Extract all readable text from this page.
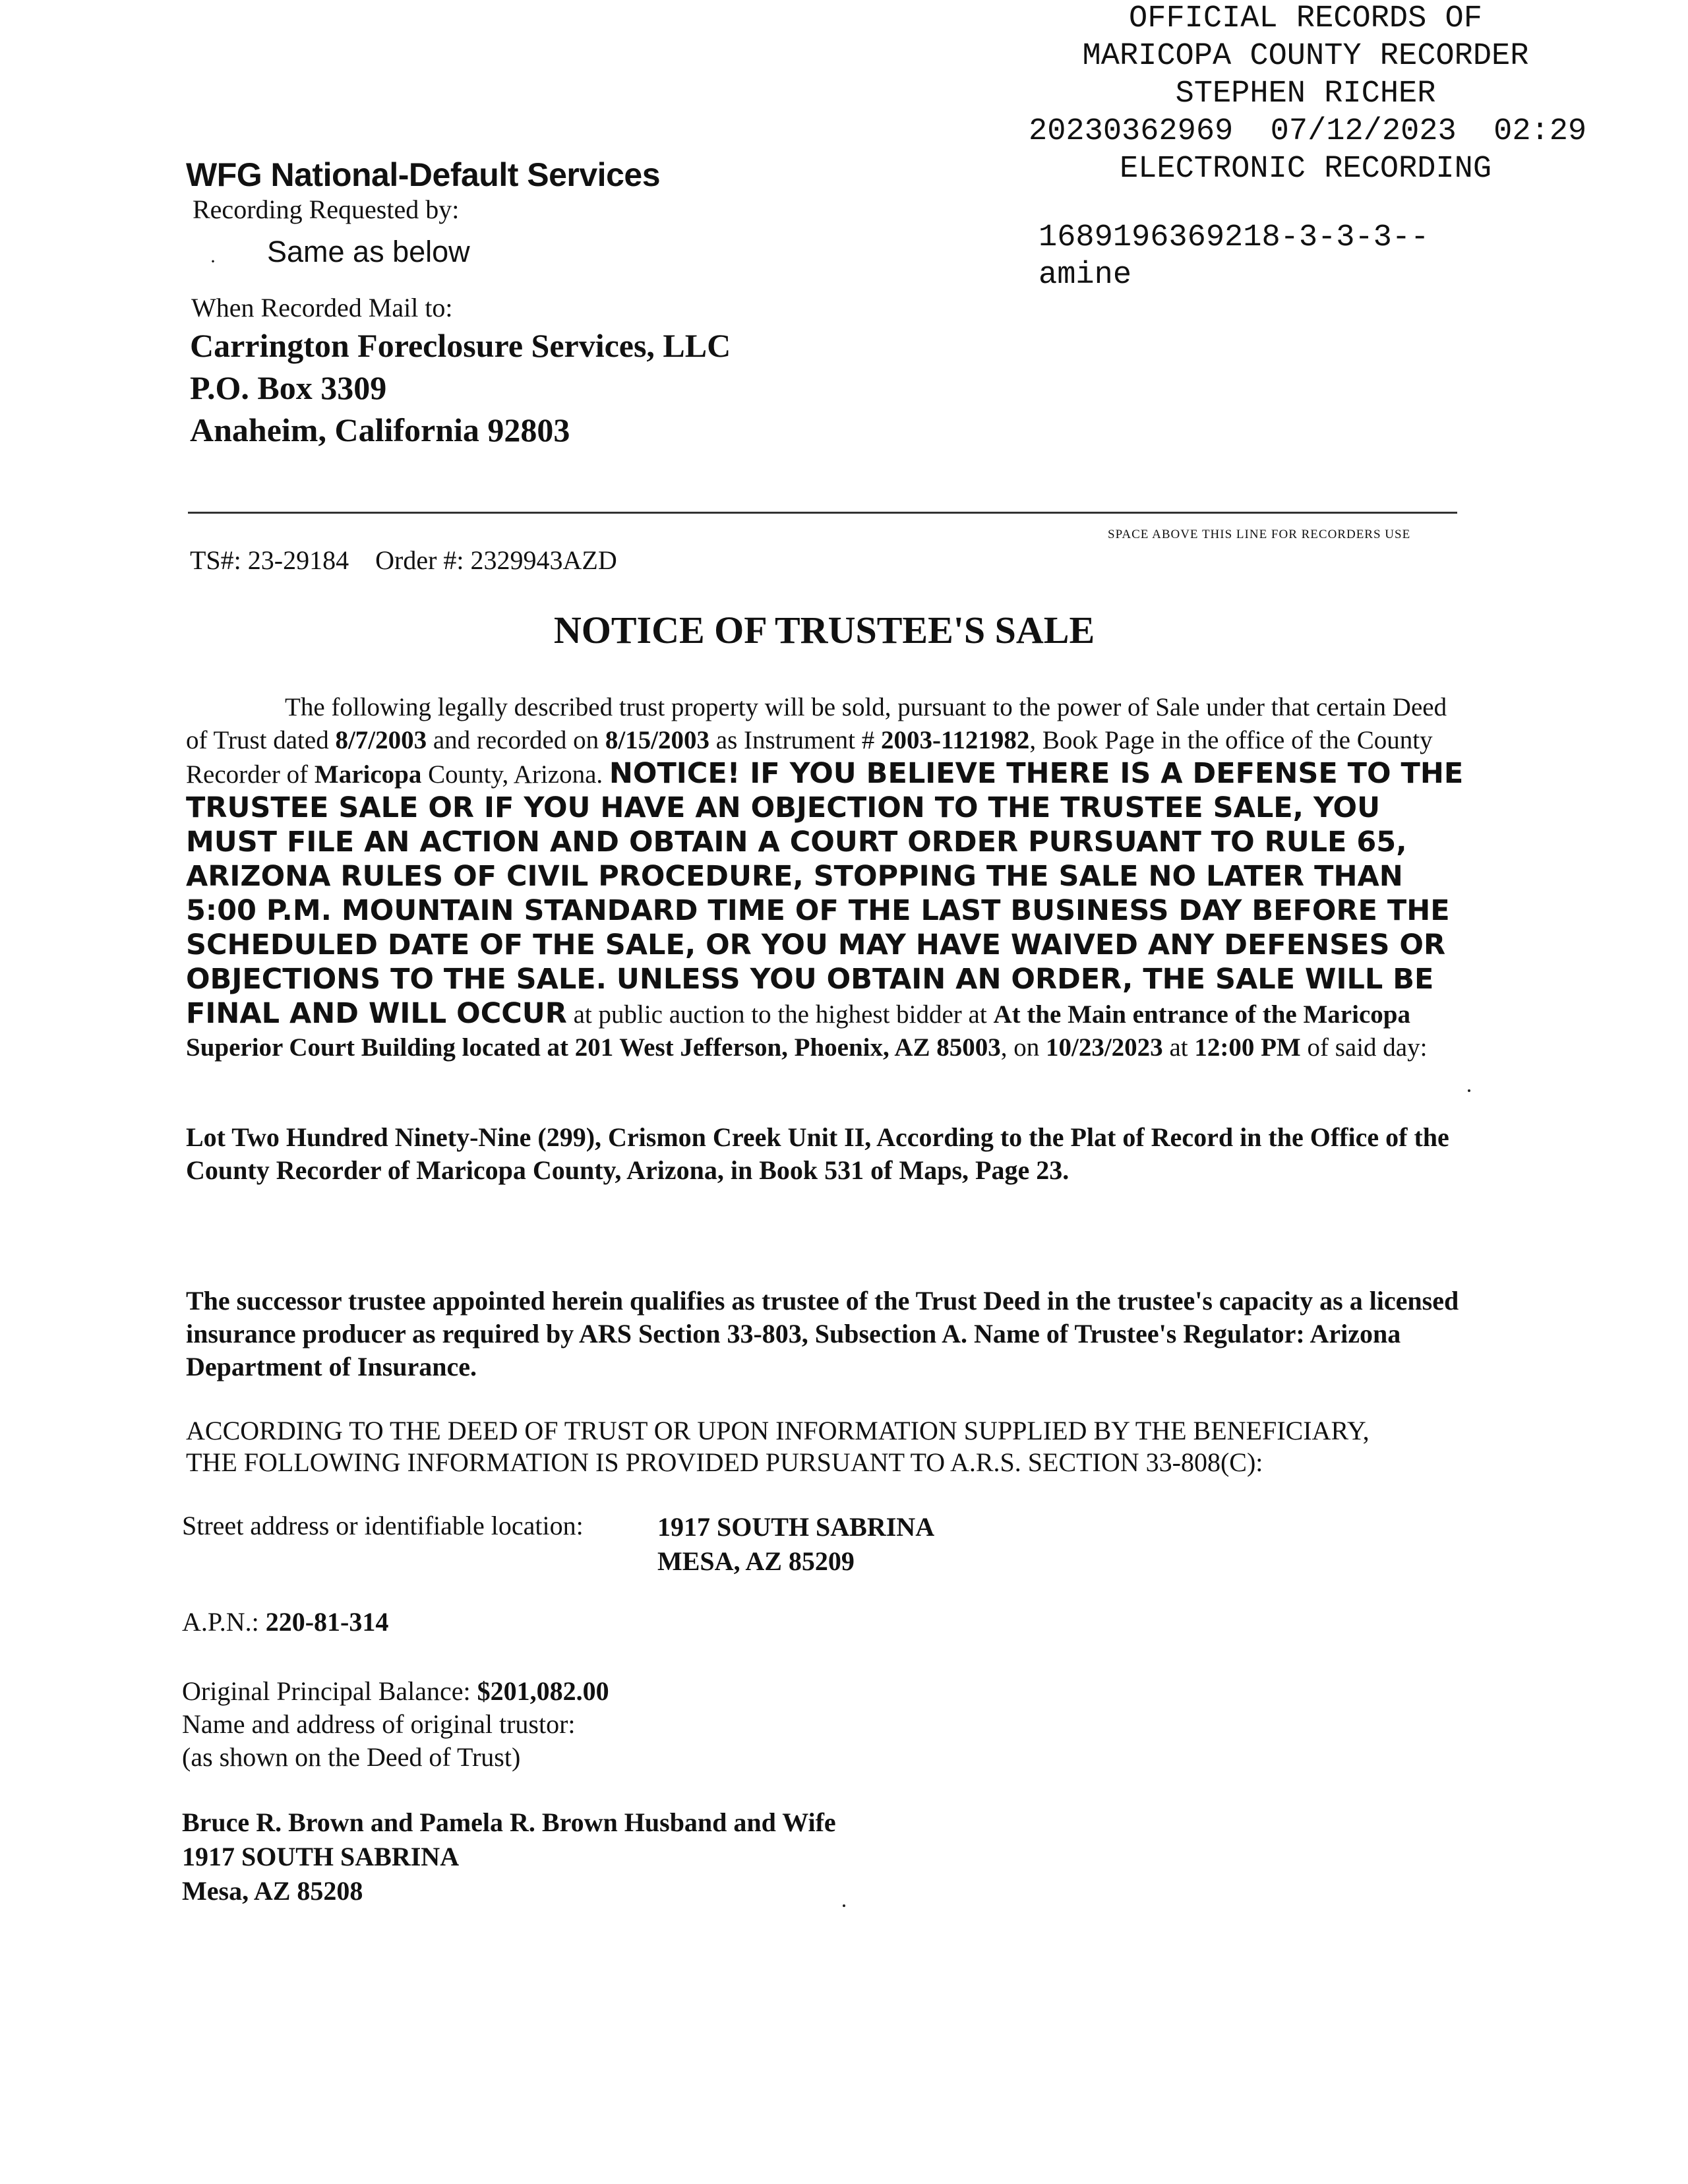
OFFICIAL RECORDS OF
MARICOPA COUNTY RECORDER
STEPHEN RICHER
20230362969  07/12/2023  02:29
ELECTRONIC RECORDING
1689196369218-3-3-3--
amine
WFG National-Default Services
Recording Requested by:
· Same as below
When Recorded Mail to:
Carrington Foreclosure Services, LLC
P.O. Box 3309
Anaheim, California 92803
SPACE ABOVE THIS LINE FOR RECORDERS USE
TS#: 23-29184 Order #: 2329943AZD
NOTICE OF TRUSTEE'S SALE
The following legally described trust property will be sold, pursuant to the power of Sale under that certain Deed of Trust dated 8/7/2003 and recorded on 8/15/2003 as Instrument # 2003-1121982, Book Page in the office of the County Recorder of Maricopa County, Arizona. NOTICE! IF YOU BELIEVE THERE IS A DEFENSE TO THE TRUSTEE SALE OR IF YOU HAVE AN OBJECTION TO THE TRUSTEE SALE, YOU MUST FILE AN ACTION AND OBTAIN A COURT ORDER PURSUANT TO RULE 65, ARIZONA RULES OF CIVIL PROCEDURE, STOPPING THE SALE NO LATER THAN 5:00 P.M. MOUNTAIN STANDARD TIME OF THE LAST BUSINESS DAY BEFORE THE SCHEDULED DATE OF THE SALE, OR YOU MAY HAVE WAIVED ANY DEFENSES OR OBJECTIONS TO THE SALE. UNLESS YOU OBTAIN AN ORDER, THE SALE WILL BE FINAL AND WILL OCCUR at public auction to the highest bidder at At the Main entrance of the Maricopa Superior Court Building located at 201 West Jefferson, Phoenix, AZ 85003, on 10/23/2023 at 12:00 PM of said day:
Lot Two Hundred Ninety-Nine (299), Crismon Creek Unit II, According to the Plat of Record in the Office of the County Recorder of Maricopa County, Arizona, in Book 531 of Maps, Page 23.
The successor trustee appointed herein qualifies as trustee of the Trust Deed in the trustee's capacity as a licensed insurance producer as required by ARS Section 33-803, Subsection A. Name of Trustee's Regulator: Arizona Department of Insurance.
ACCORDING TO THE DEED OF TRUST OR UPON INFORMATION SUPPLIED BY THE BENEFICIARY,
THE FOLLOWING INFORMATION IS PROVIDED PURSUANT TO A.R.S. SECTION 33-808(C):
Street address or identifiable location:	1917 SOUTH SABRINA
MESA, AZ 85209
A.P.N.: 220-81-314
Original Principal Balance: $201,082.00
Name and address of original trustor:
(as shown on the Deed of Trust)
Bruce R. Brown and Pamela R. Brown Husband and Wife
1917 SOUTH SABRINA
Mesa, AZ 85208
